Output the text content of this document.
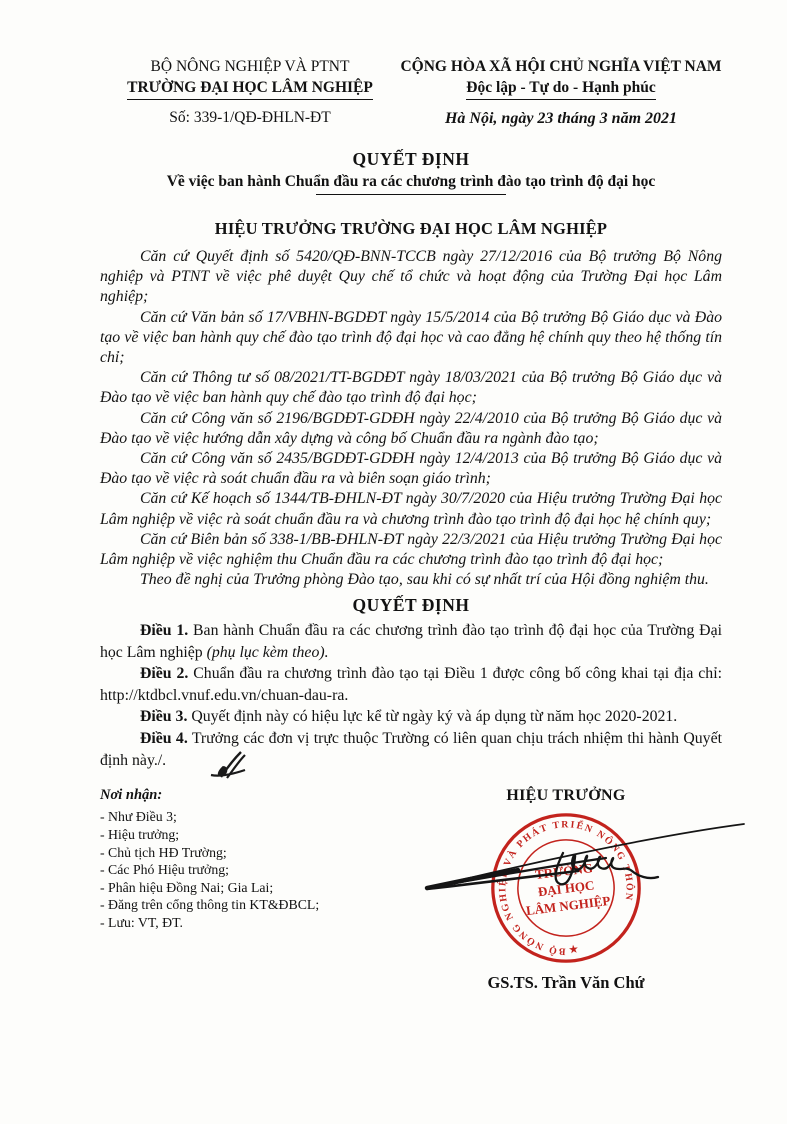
BỘ NÔNG NGHIỆP VÀ PTNT
TRƯỜNG ĐẠI HỌC LÂM NGHIỆP
Số: 339-1/QĐ-ĐHLN-ĐT
CỘNG HÒA XÃ HỘI CHỦ NGHĨA VIỆT NAM
Độc lập - Tự do - Hạnh phúc
Hà Nội, ngày 23 tháng 3 năm 2021
QUYẾT ĐỊNH
Về việc ban hành Chuẩn đầu ra các chương trình đào tạo trình độ đại học
HIỆU TRƯỞNG TRƯỜNG ĐẠI HỌC LÂM NGHIỆP

Căn cứ Quyết định số 5420/QĐ-BNN-TCCB ngày 27/12/2016 của Bộ trưởng Bộ Nông nghiệp và PTNT về việc phê duyệt Quy chế tổ chức và hoạt động của Trường Đại học Lâm nghiệp;

Căn cứ Văn bản số 17/VBHN-BGDĐT ngày 15/5/2014 của Bộ trưởng Bộ Giáo dục và Đào tạo về việc ban hành quy chế đào tạo trình độ đại học và cao đẳng hệ chính quy theo hệ thống tín chỉ;

Căn cứ Thông tư số 08/2021/TT-BGDĐT ngày 18/03/2021 của Bộ trưởng Bộ Giáo dục và Đào tạo về việc ban hành quy chế đào tạo trình độ đại học;

Căn cứ Công văn số 2196/BGDĐT-GDĐH ngày 22/4/2010 của Bộ trưởng Bộ Giáo dục và Đào tạo về việc hướng dẫn xây dựng và công bố Chuẩn đầu ra ngành đào tạo;

Căn cứ Công văn số 2435/BGDĐT-GDĐH ngày 12/4/2013 của Bộ trưởng Bộ Giáo dục và Đào tạo về việc rà soát chuẩn đầu ra và biên soạn giáo trình;

Căn cứ Kế hoạch số 1344/TB-ĐHLN-ĐT ngày 30/7/2020 của Hiệu trưởng Trường Đại học Lâm nghiệp về việc rà soát chuẩn đầu ra và chương trình đào tạo trình độ đại học hệ chính quy;

Căn cứ Biên bản số 338-1/BB-ĐHLN-ĐT ngày 22/3/2021 của Hiệu trưởng Trường Đại học Lâm nghiệp về việc nghiệm thu Chuẩn đầu ra các chương trình đào tạo trình độ đại học;

Theo đề nghị của Trưởng phòng Đào tạo, sau khi có sự nhất trí của Hội đồng nghiệm thu.

QUYẾT ĐỊNH

Điều 1. Ban hành Chuẩn đầu ra các chương trình đào tạo trình độ đại học của Trường Đại học Lâm nghiệp (phụ lục kèm theo).

Điều 2. Chuẩn đầu ra chương trình đào tạo tại Điều 1 được công bố công khai tại địa chỉ: http://ktdbcl.vnuf.edu.vn/chuan-dau-ra.

Điều 3. Quyết định này có hiệu lực kể từ ngày ký và áp dụng từ năm học 2020-2021.

Điều 4. Trưởng các đơn vị trực thuộc Trường có liên quan chịu trách nhiệm thi hành Quyết định này./.

Nơi nhận:
- Như Điều 3;
- Hiệu trưởng;
- Chủ tịch HĐ Trường;
- Các Phó Hiệu trưởng;
- Phân hiệu Đồng Nai; Gia Lai;
- Đăng trên cổng thông tin KT&ĐBCL;
- Lưu: VT, ĐT.
HIỆU TRƯỞNG
BỘ NÔNG NGHIỆP VÀ PHÁT TRIỂN NÔNG THÔN
★
TRƯỜNG
ĐẠI HỌC
LÂM NGHIỆP
GS.TS. Trần Văn Chứ
